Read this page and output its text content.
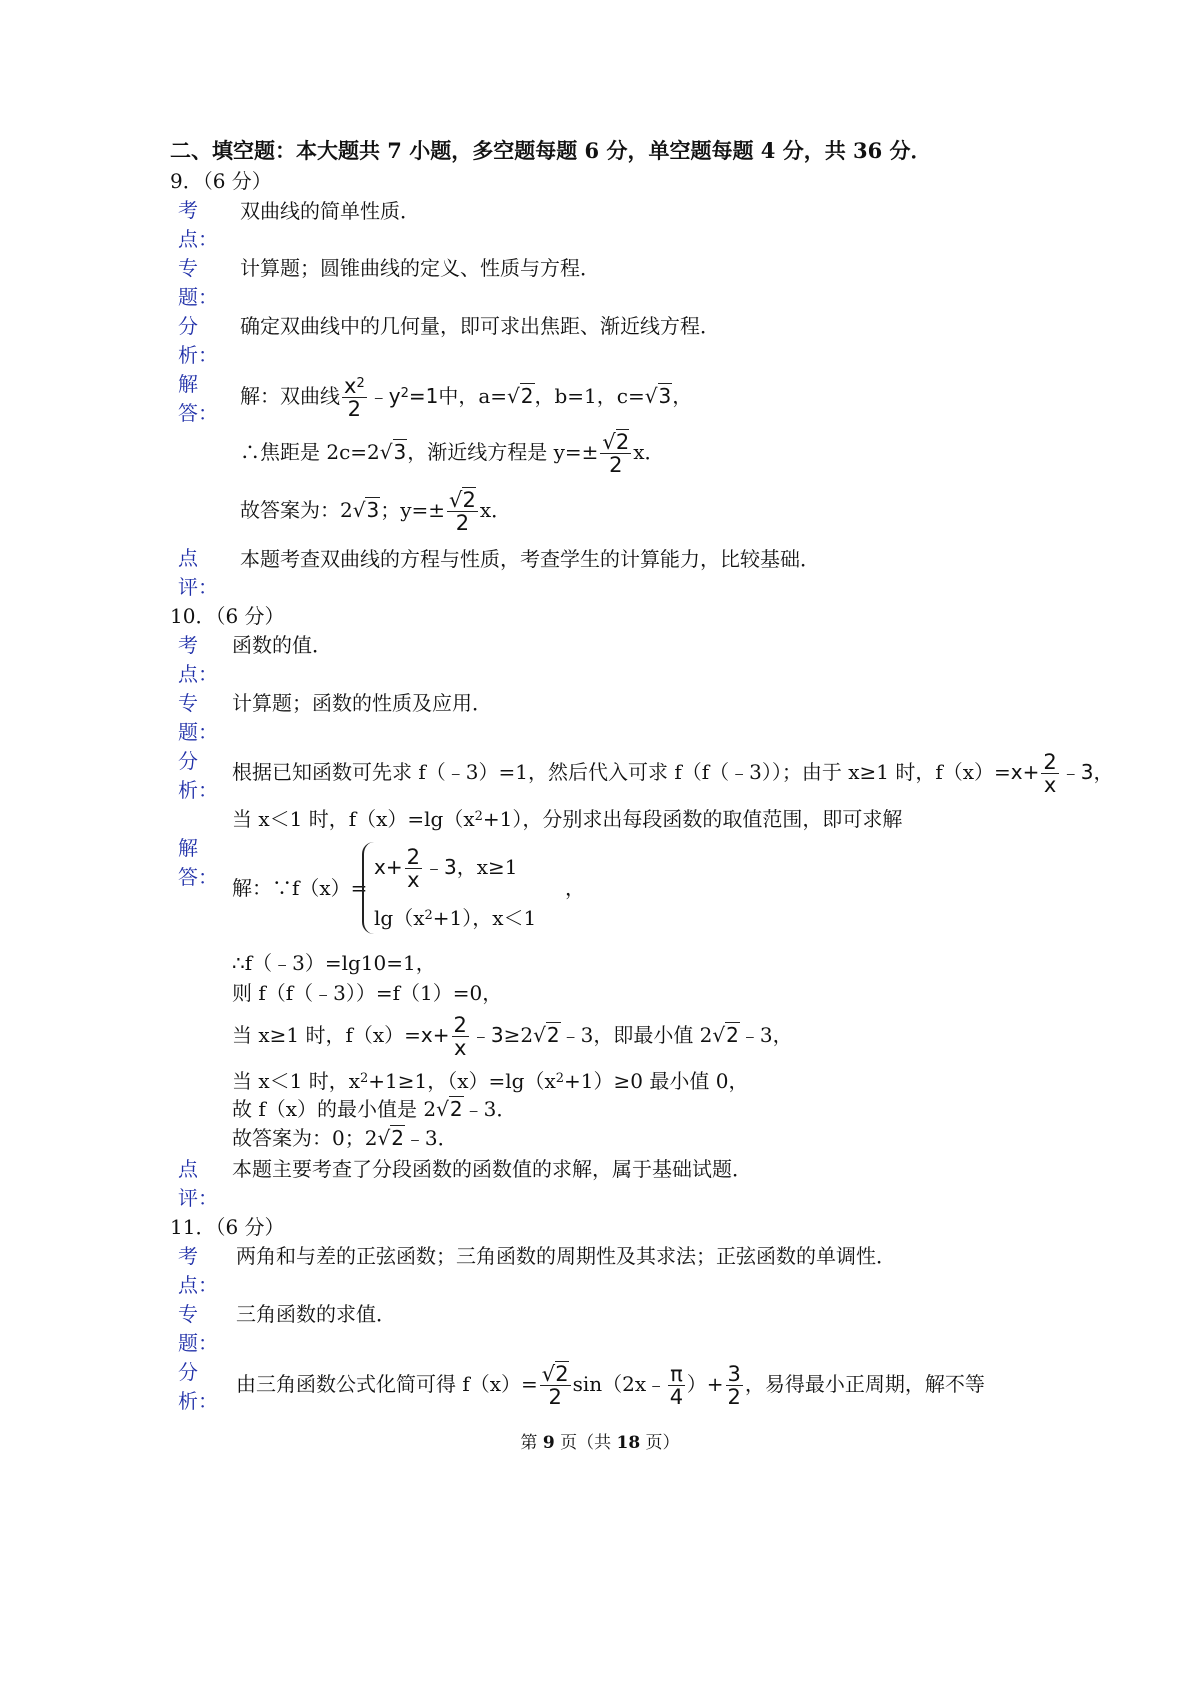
二、填空题：本大题共 7 小题，多空题每题 6 分，单空题每题 4 分，共 36 分．
9．（6 分）
考
点：
双曲线的简单性质．
专
题：
计算题；圆锥曲线的定义、性质与方程．
分
析：
确定双曲线中的几何量，即可求出焦距、渐近线方程．
解
答：
解：双曲线 $\frac{x^2}{2}$ $﹣y^2=1$中，a=√2，b=1，c=√3，
∴焦距是 2c=2√3，渐近线方程是 $y=\pm \frac{√2}{2}$ x．
故答案为：2√3；$y=\pm \frac{√2}{2}$ x．
点
评：
本题考查双曲线的方程与性质，考查学生的计算能力，比较基础．
10．（6 分）
考
点：
函数的值．
专
题：
计算题；函数的性质及应用．
分
析：
根据已知函数可先求 f（﹣3）=1，然后代入可求 f（f（﹣3））；由于 x≥1 时，$f(x)=x+ \frac{2}{x}$ ﹣3，
当 x＜1 时，$f(x)=\lg(x^2+1)$，分别求出每段函数的取值范围，即可求解
解
答： 解：∵f（x）=
$x+ \frac{2}{x}$ ﹣3，x≥1
$\lg(x^2+1)$，x＜1
，
∴f（﹣3）=lg10=1，
则 f（f（﹣3））=f（1）=0，
当 x≥1 时，$f(x)=x+ \frac{2}{x}$ ﹣3≥2√2﹣3，即最小值 2√2﹣3，
当 x＜1 时，$x^2+1\ge 1$，$(x)=\lg(x^2+1)\ge 0$ 最小值 0，
故 f（x）的最小值是 2√2﹣3．
故答案为：0；2√2﹣3．
点
评：
本题主要考查了分段函数的函数值的求解，属于基础试题．
11．（6 分）
考
点：
两角和与差的正弦函数；三角函数的周期性及其求法；正弦函数的单调性．
专
题：
三角函数的求值．
分
析：
由三角函数公式化简可得 $f(x)= \frac{√2}{2}$ sin（2x﹣ $\frac{\pi}{4}$ ）+ $\frac{3}{2}$ ，易得最小正周期，解不等
第 9 页（共 18 页）
